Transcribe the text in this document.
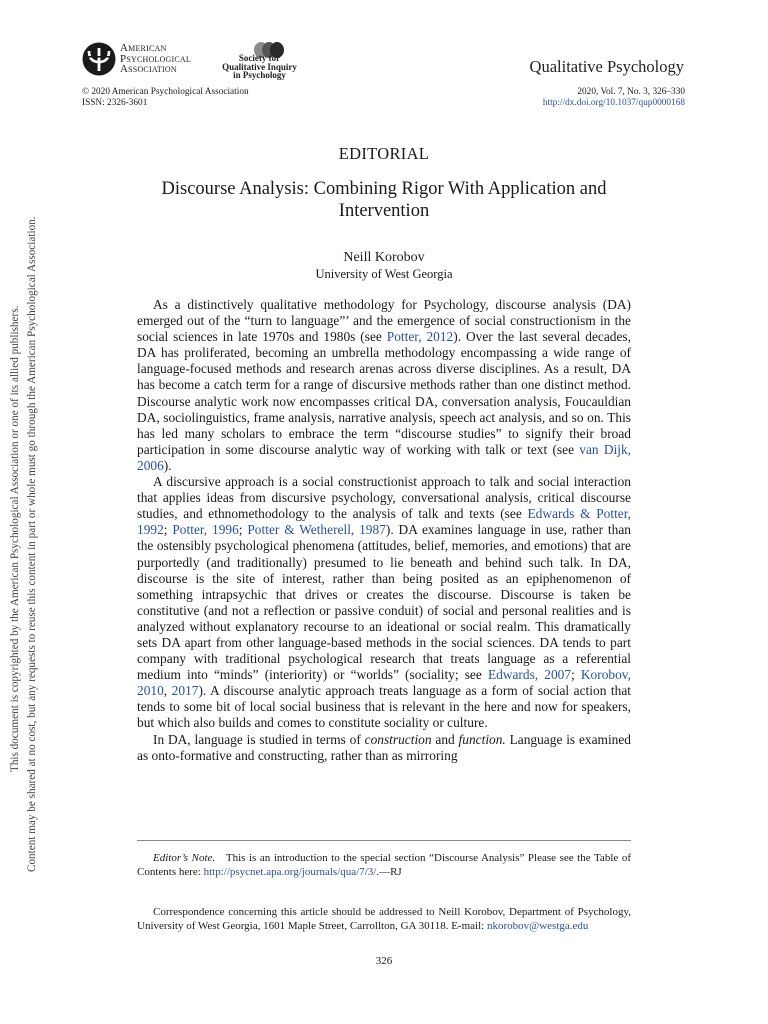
American
Psychological
Association
Society for
Qualitative Inquiry
in Psychology	Qualitative Psychology
© 2020 American Psychological Association
ISSN: 2326-3601
2020, Vol. 7, No. 3, 326–330
http://dx.doi.org/10.1037/qup0000168
This document is copyrighted by the American Psychological Association or one of its allied publishers. Content may be shared at no cost, but any requests to reuse this content in part or whole must go through the American Psychological Association.
EDITORIAL
Discourse Analysis: Combining Rigor With Application and Intervention
Neill Korobov
University of West Georgia

As a distinctively qualitative methodology for Psychology, discourse analysis (DA) emerged out of the “turn to language”’ and the emergence of social constructionism in the social sciences in late 1970s and 1980s (see Potter, 2012). Over the last several decades, DA has proliferated, becoming an umbrella methodology encompassing a wide range of language-focused methods and research arenas across diverse disciplines. As a result, DA has become a catch term for a range of discursive methods rather than one distinct method. Discourse analytic work now encompasses critical DA, conversation analysis, Foucauldian DA, sociolinguistics, frame analysis, narrative analysis, speech act analysis, and so on. This has led many scholars to embrace the term “discourse studies” to signify their broad participation in some discourse analytic way of working with talk or text (see van Dijk, 2006).

A discursive approach is a social constructionist approach to talk and social interaction that applies ideas from discursive psychology, conversational analysis, critical discourse studies, and ethnomethodology to the analysis of talk and texts (see Edwards & Potter, 1992; Potter, 1996; Potter & Wetherell, 1987). DA examines language in use, rather than the ostensibly psychological phenomena (attitudes, belief, memories, and emotions) that are purportedly (and traditionally) presumed to lie beneath and behind such talk. In DA, discourse is the site of interest, rather than being posited as an epiphenomenon of something intrapsychic that drives or creates the discourse. Discourse is taken be constitutive (and not a reflection or passive conduit) of social and personal realities and is analyzed without explanatory recourse to an ideational or social realm. This dramatically sets DA apart from other language-based methods in the social sciences. DA tends to part company with traditional psychological research that treats language as a referential medium into “minds” (interiority) or “worlds” (sociality; see Edwards, 2007; Korobov, 2010, 2017). A discourse analytic approach treats language as a form of social action that tends to some bit of local social business that is relevant in the here and now for speakers, but which also builds and comes to constitute sociality or culture.

In DA, language is studied in terms of construction and function. Language is examined as onto-formative and constructing, rather than as mirroring

Editor’s Note. This is an introduction to the special section “Discourse Analysis” Please see the Table of Contents here: http://psycnet.apa.org/journals/qua/7/3/.—RJ

Correspondence concerning this article should be addressed to Neill Korobov, Department of Psychology, University of West Georgia, 1601 Maple Street, Carrollton, GA 30118. E-mail: nkorobov@westga.edu

326
